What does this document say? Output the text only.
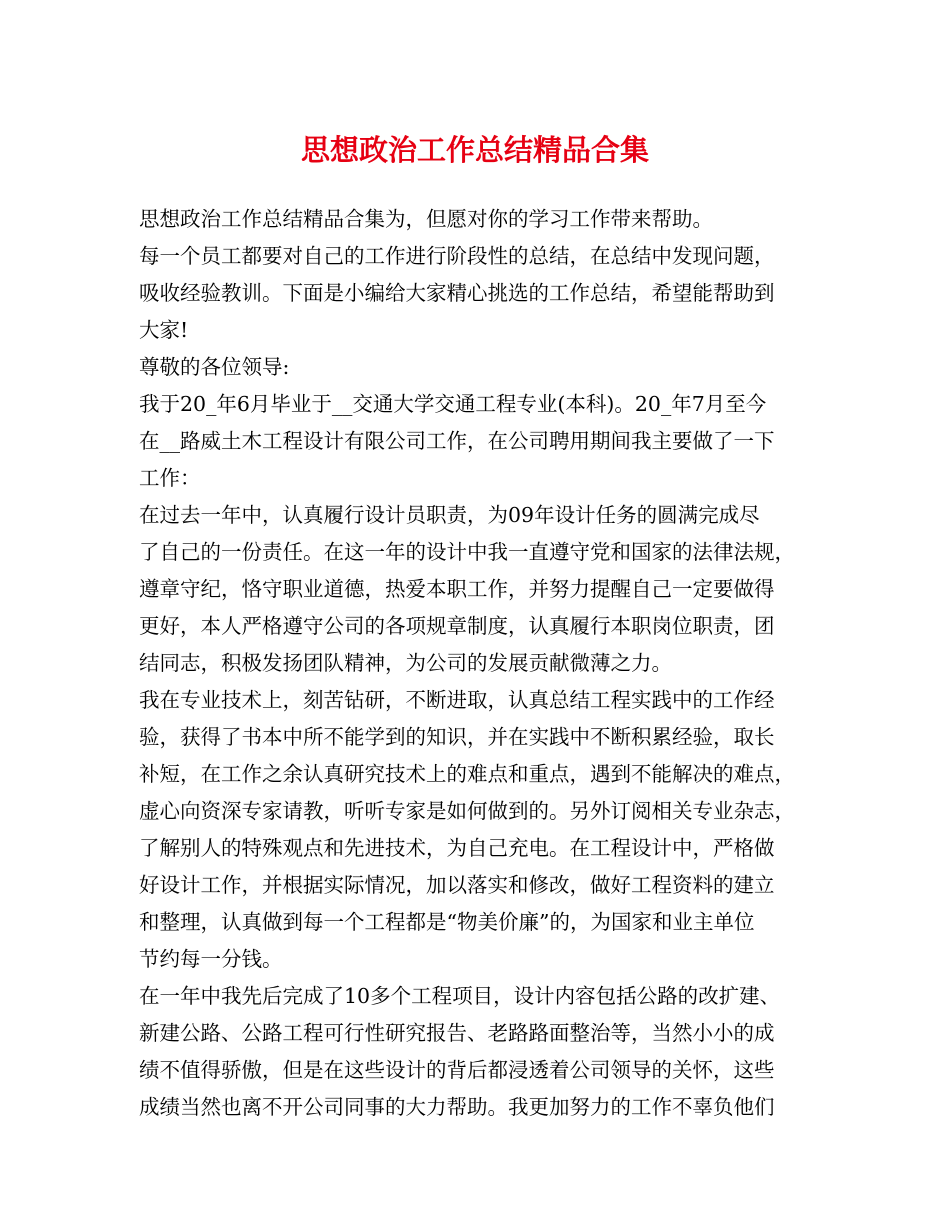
思想政治工作总结精品合集
思想政治工作总结精品合集为，但愿对你的学习工作带来帮助。
每一个员工都要对自己的工作进行阶段性的总结，在总结中发现问题，
吸收经验教训。下面是小编给大家精心挑选的工作总结，希望能帮助到
大家!
尊敬的各位领导:
我于20_年6月毕业于__交通大学交通工程专业(本科)。20_年7月至今
在__路威土木工程设计有限公司工作，在公司聘用期间我主要做了一下
工作：
在过去一年中，认真履行设计员职责，为09年设计任务的圆满完成尽
了自己的一份责任。在这一年的设计中我一直遵守党和国家的法律法规，
遵章守纪，恪守职业道德，热爱本职工作，并努力提醒自己一定要做得
更好，本人严格遵守公司的各项规章制度，认真履行本职岗位职责，团
结同志，积极发扬团队精神，为公司的发展贡献微薄之力。
我在专业技术上，刻苦钻研，不断进取，认真总结工程实践中的工作经
验，获得了书本中所不能学到的知识，并在实践中不断积累经验，取长
补短，在工作之余认真研究技术上的难点和重点，遇到不能解决的难点，
虚心向资深专家请教，听听专家是如何做到的。另外订阅相关专业杂志，
了解别人的特殊观点和先进技术，为自己充电。在工程设计中，严格做
好设计工作，并根据实际情况，加以落实和修改，做好工程资料的建立
和整理，认真做到每一个工程都是“物美价廉”的，为国家和业主单位
节约每一分钱。
在一年中我先后完成了10多个工程项目，设计内容包括公路的改扩建、
新建公路、公路工程可行性研究报告、老路路面整治等，当然小小的成
绩不值得骄傲，但是在这些设计的背后都浸透着公司领导的关怀，这些
成绩当然也离不开公司同事的大力帮助。我更加努力的工作不辜负他们
